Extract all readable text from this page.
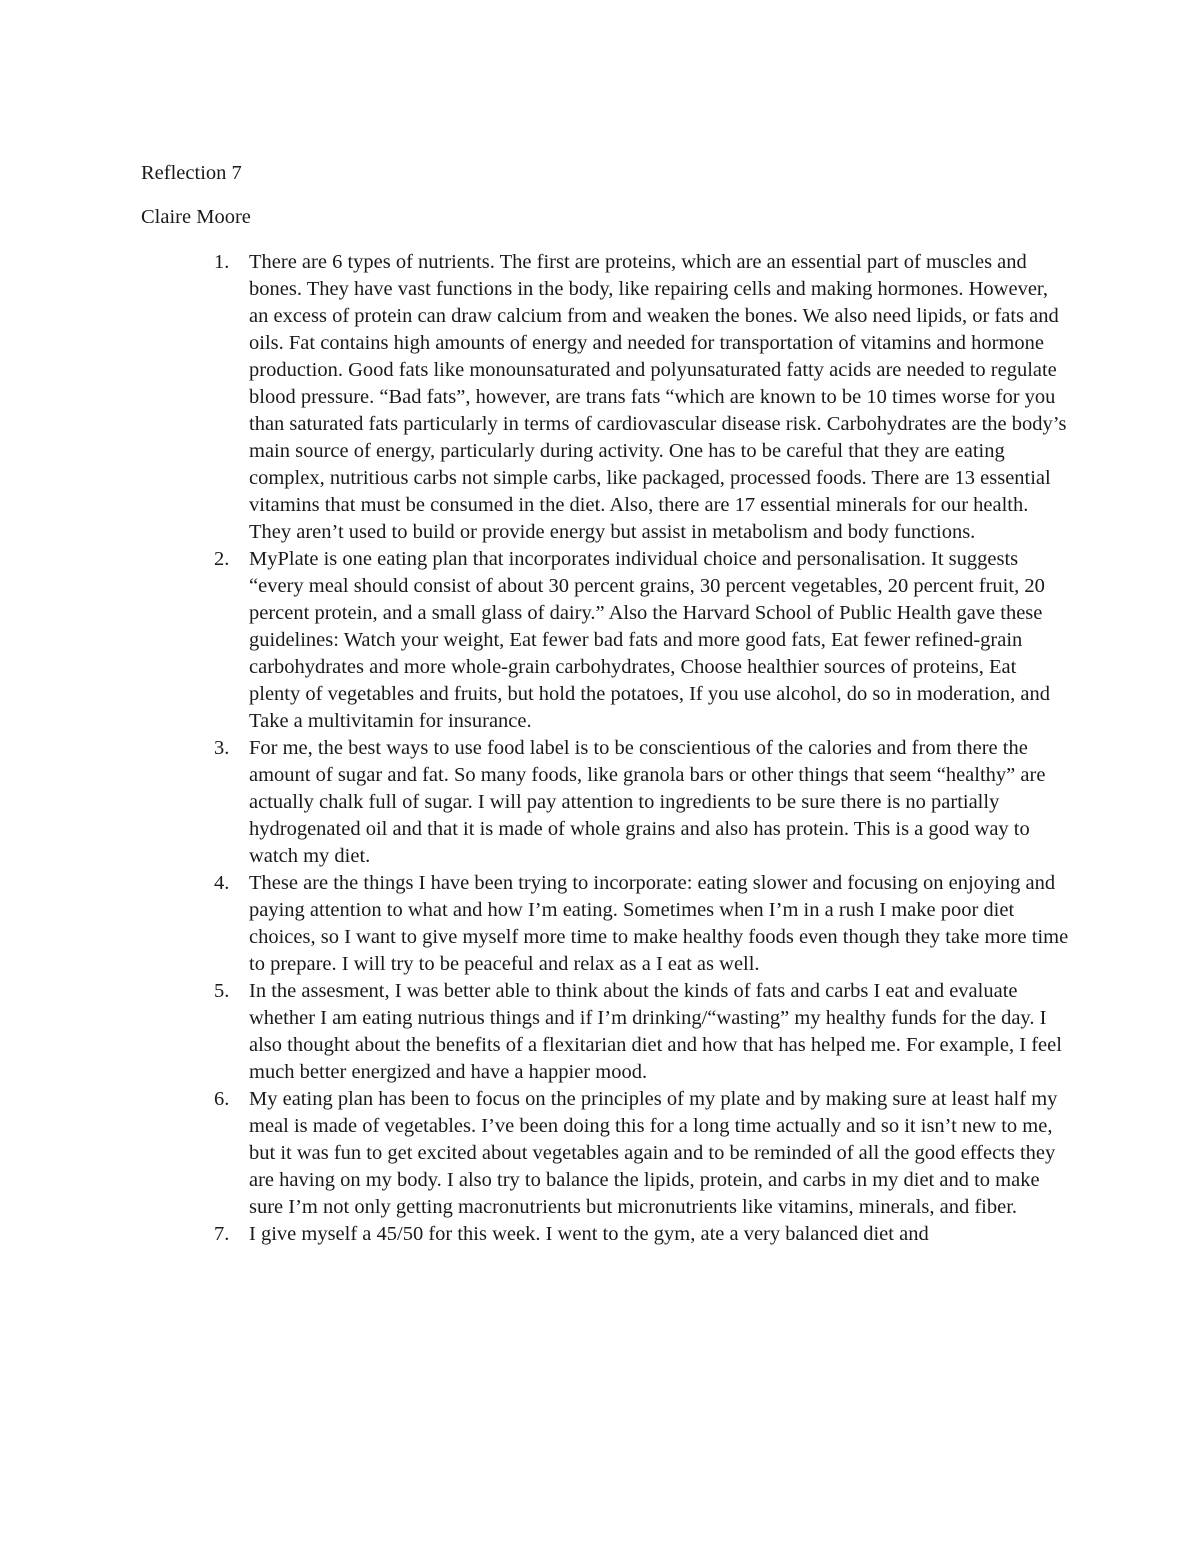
Reflection 7
Claire Moore
1. There are 6 types of nutrients. The first are proteins, which are an essential part of muscles and bones. They have vast functions in the body, like repairing cells and making hormones. However, an excess of protein can draw calcium from and weaken the bones. We also need lipids, or fats and oils. Fat contains high amounts of energy and needed for transportation of vitamins and hormone production. Good fats like monounsaturated and polyunsaturated fatty acids are needed to regulate blood pressure. “Bad fats”, however, are trans fats “which are known to be 10 times worse for you than saturated fats particularly in terms of cardiovascular disease risk. Carbohydrates are the body’s main source of energy, particularly during activity. One has to be careful that they are eating complex, nutritious carbs not simple carbs, like packaged, processed foods. There are 13 essential vitamins that must be consumed in the diet. Also, there are 17 essential minerals for our health. They aren’t used to build or provide energy but assist in metabolism and body functions.
2. MyPlate is one eating plan that incorporates individual choice and personalisation. It suggests “every meal should consist of about 30 percent grains, 30 percent vegetables, 20 percent fruit, 20 percent protein, and a small glass of dairy.” Also the Harvard School of Public Health gave these guidelines: Watch your weight, Eat fewer bad fats and more good fats, Eat fewer refined-grain carbohydrates and more whole-grain carbohydrates, Choose healthier sources of proteins, Eat plenty of vegetables and fruits, but hold the potatoes, If you use alcohol, do so in moderation, and Take a multivitamin for insurance.
3. For me, the best ways to use food label is to be conscientious of the calories and from there the amount of sugar and fat. So many foods, like granola bars or other things that seem “healthy” are actually chalk full of sugar. I will pay attention to ingredients to be sure there is no partially hydrogenated oil and that it is made of whole grains and also has protein. This is a good way to watch my diet.
4. These are the things I have been trying to incorporate: eating slower and focusing on enjoying and paying attention to what and how I’m eating. Sometimes when I’m in a rush I make poor diet choices, so I want to give myself more time to make healthy foods even though they take more time to prepare. I will try to be peaceful and relax as a I eat as well.
5. In the assesment, I was better able to think about the kinds of fats and carbs I eat and evaluate whether I am eating nutrious things and if I’m drinking/“wasting” my healthy funds for the day. I also thought about the benefits of a flexitarian diet and how that has helped me. For example, I feel much better energized and have a happier mood.
6. My eating plan has been to focus on the principles of my plate and by making sure at least half my meal is made of vegetables. I’ve been doing this for a long time actually and so it isn’t new to me, but it was fun to get excited about vegetables again and to be reminded of all the good effects they are having on my body. I also try to balance the lipids, protein, and carbs in my diet and to make sure I’m not only getting macronutrients but micronutrients like vitamins, minerals, and fiber.
7. I give myself a 45/50 for this week. I went to the gym, ate a very balanced diet and
